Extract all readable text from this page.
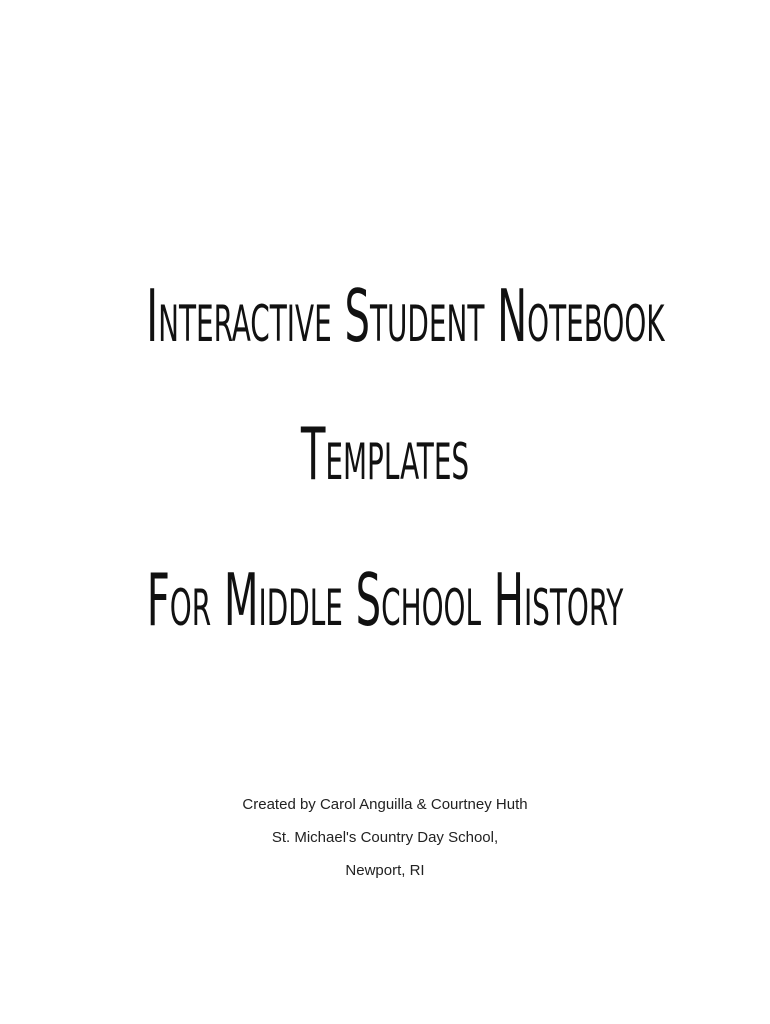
Interactive Student Notebook
Templates
For Middle School History
Created by Carol Anguilla & Courtney Huth
St. Michael's Country Day School,
Newport, RI
